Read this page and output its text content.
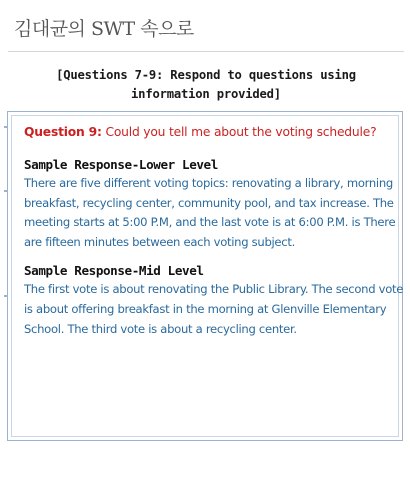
김대균의 SWT 속으로
[Questions 7-9: Respond to questions using information provided]
Question 9: Could you tell me about the voting schedule?
Sample Response-Lower Level
There are five different voting topics: renovating a library, morning breakfast, recycling center, community pool, and tax increase. The meeting starts at 5:00 P.M, and the last vote is at 6:00 P.M. is There are fifteen minutes between each voting subject.
Sample Response-Mid Level
The first vote is about renovating the Public Library. The second vote is about offering breakfast in the morning at Glenville Elementary School. The third vote is about a recycling center.
